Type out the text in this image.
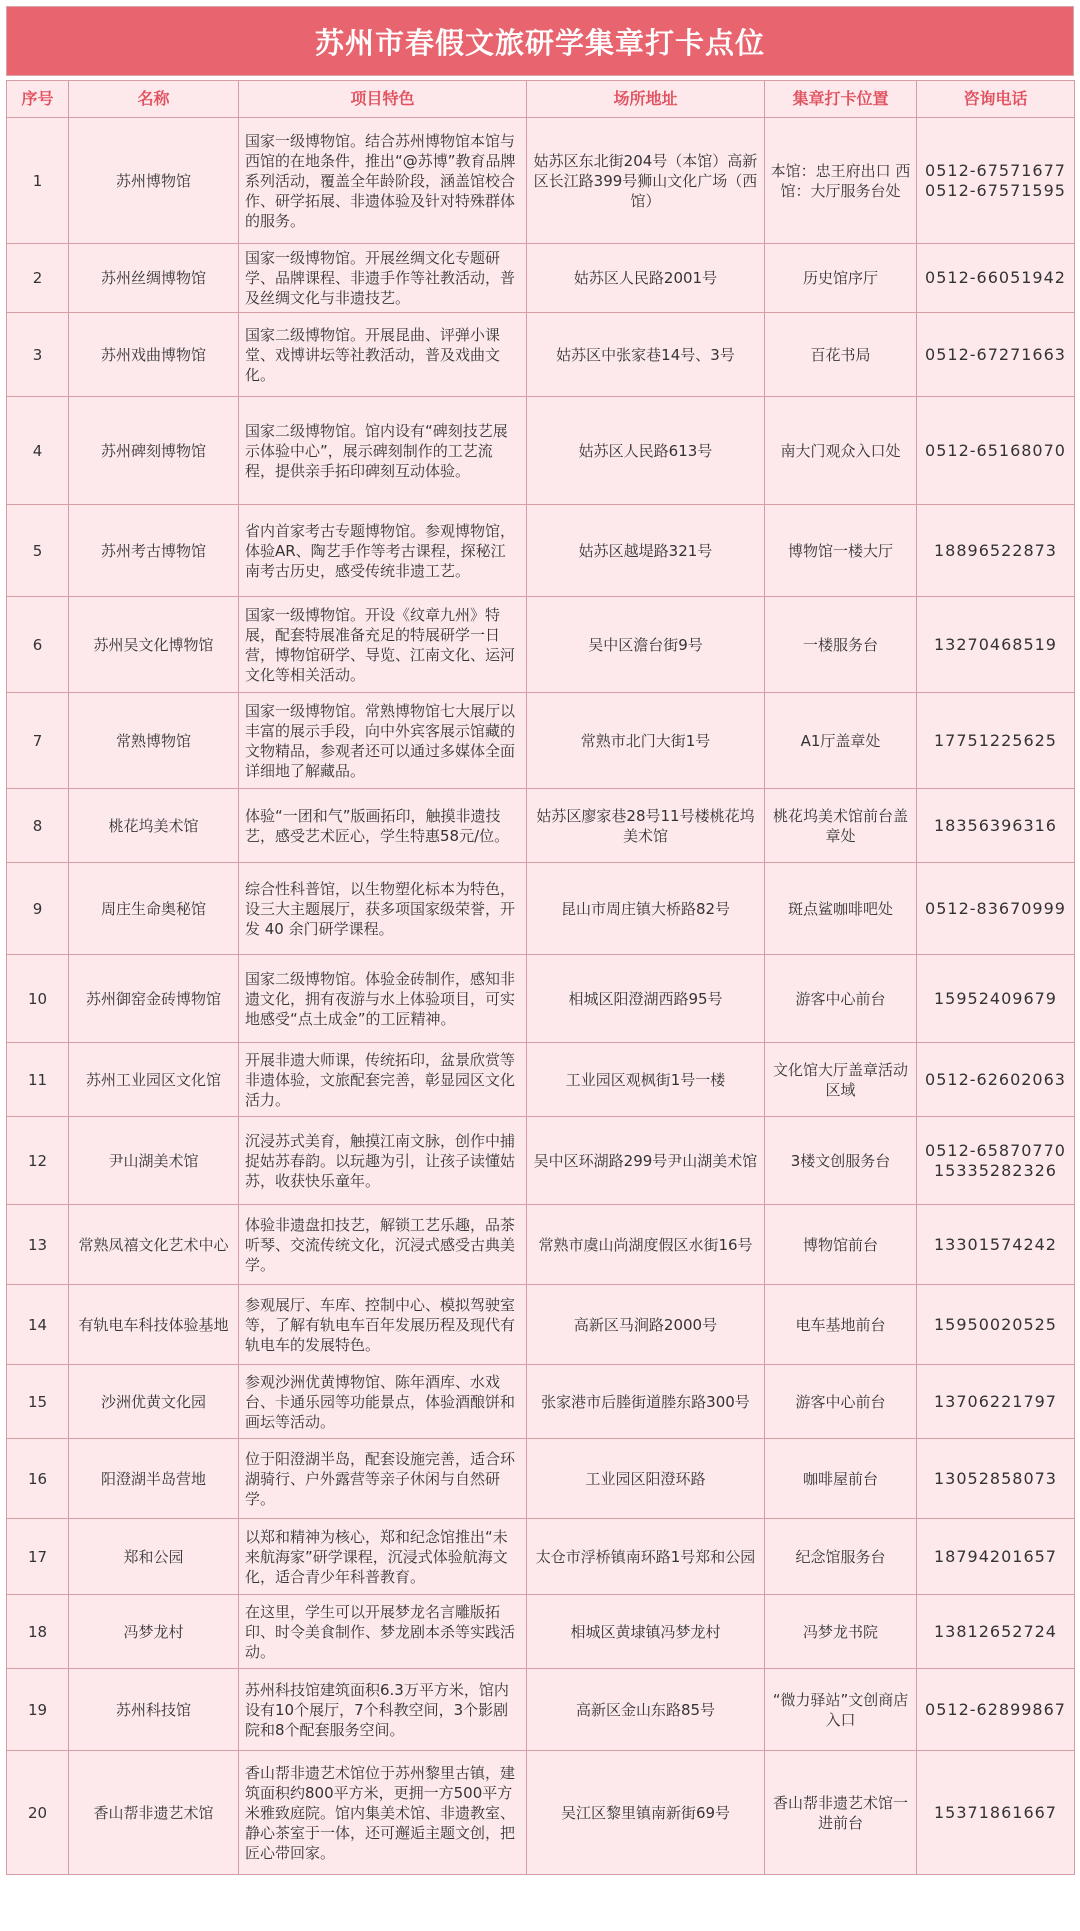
苏州市春假文旅研学集章打卡点位
序号	名称	项目特色	场所地址	集章打卡位置	咨询电话
1	苏州博物馆	国家一级博物馆。结合苏州博物馆本馆与西馆的在地条件，推出“@苏博”教育品牌系列活动，覆盖全年龄阶段，涵盖馆校合作、研学拓展、非遗体验及针对特殊群体的服务。	姑苏区东北街204号（本馆）高新区长江路399号狮山文化广场（西馆）	本馆：忠王府出口 西馆：大厅服务台处	0512-67571677
0512-67571595

2	苏州丝绸博物馆	国家一级博物馆。开展丝绸文化专题研学、品牌课程、非遗手作等社教活动，普及丝绸文化与非遗技艺。	姑苏区人民路2001号	历史馆序厅	0512-66051942

3	苏州戏曲博物馆	国家二级博物馆。开展昆曲、评弹小课堂、戏博讲坛等社教活动，普及戏曲文化。	姑苏区中张家巷14号、3号	百花书局	0512-67271663

4	苏州碑刻博物馆	国家二级博物馆。馆内设有“碑刻技艺展示体验中心”，展示碑刻制作的工艺流程，提供亲手拓印碑刻互动体验。	姑苏区人民路613号	南大门观众入口处	0512-65168070

5	苏州考古博物馆	省内首家考古专题博物馆。参观博物馆，体验AR、陶艺手作等考古课程，探秘江南考古历史，感受传统非遗工艺。	姑苏区越堤路321号	博物馆一楼大厅	18896522873

6	苏州吴文化博物馆	国家一级博物馆。开设《纹章九州》特展，配套特展准备充足的特展研学一日营，博物馆研学、导览、江南文化、运河文化等相关活动。	吴中区澹台街9号	一楼服务台	13270468519

7	常熟博物馆	国家一级博物馆。常熟博物馆七大展厅以丰富的展示手段，向中外宾客展示馆藏的文物精品，参观者还可以通过多媒体全面详细地了解藏品。	常熟市北门大街1号	A1厅盖章处	17751225625

8	桃花坞美术馆	体验“一团和气”版画拓印，触摸非遗技艺，感受艺术匠心，学生特惠58元/位。	姑苏区廖家巷28号11号楼桃花坞美术馆	桃花坞美术馆前台盖章处	18356396316

9	周庄生命奥秘馆	综合性科普馆，以生物塑化标本为特色，设三大主题展厅，获多项国家级荣誉，开发 40 余门研学课程。	昆山市周庄镇大桥路82号	斑点鲨咖啡吧处	0512-83670999

10	苏州御窑金砖博物馆	国家二级博物馆。体验金砖制作，感知非遗文化，拥有夜游与水上体验项目，可实地感受“点土成金”的工匠精神。	相城区阳澄湖西路95号	游客中心前台	15952409679

11	苏州工业园区文化馆	开展非遗大师课，传统拓印，盆景欣赏等非遗体验，文旅配套完善，彰显园区文化活力。	工业园区观枫街1号一楼	文化馆大厅盖章活动区域	0512-62602063

12	尹山湖美术馆	沉浸苏式美育，触摸江南文脉，创作中捕捉姑苏春韵。以玩趣为引，让孩子读懂姑苏，收获快乐童年。	吴中区环湖路299号尹山湖美术馆	3楼文创服务台	0512-65870770
15335282326

13	常熟凤禧文化艺术中心	体验非遗盘扣技艺，解锁工艺乐趣，品茶听琴、交流传统文化，沉浸式感受古典美学。	常熟市虞山尚湖度假区水街16号	博物馆前台	13301574242

14	有轨电车科技体验基地	参观展厅、车库、控制中心、模拟驾驶室等，了解有轨电车百年发展历程及现代有轨电车的发展特色。	高新区马涧路2000号	电车基地前台	15950020525

15	沙洲优黄文化园	参观沙洲优黄博物馆、陈年酒库、水戏台、卡通乐园等功能景点，体验酒酿饼和画坛等活动。	张家港市后塍街道塍东路300号	游客中心前台	13706221797

16	阳澄湖半岛营地	位于阳澄湖半岛，配套设施完善，适合环湖骑行、户外露营等亲子休闲与自然研学。	工业园区阳澄环路	咖啡屋前台	13052858073

17	郑和公园	以郑和精神为核心，郑和纪念馆推出“未来航海家”研学课程，沉浸式体验航海文化，适合青少年科普教育。	太仓市浮桥镇南环路1号郑和公园	纪念馆服务台	18794201657

18	冯梦龙村	在这里，学生可以开展梦龙名言雕版拓印、时令美食制作、梦龙剧本杀等实践活动。	相城区黄埭镇冯梦龙村	冯梦龙书院	13812652724

19	苏州科技馆	苏州科技馆建筑面积6.3万平方米，馆内设有10个展厅，7个科教空间，3个影剧院和8个配套服务空间。	高新区金山东路85号	“微力驿站”文创商店入口	0512-62899867

20	香山帮非遗艺术馆	香山帮非遗艺术馆位于苏州黎里古镇，建筑面积约800平方米，更拥一方500平方米雅致庭院。馆内集美术馆、非遗教室、静心茶室于一体，还可邂逅主题文创，把匠心带回家。	吴江区黎里镇南新街69号	香山帮非遗艺术馆一进前台	15371861667
